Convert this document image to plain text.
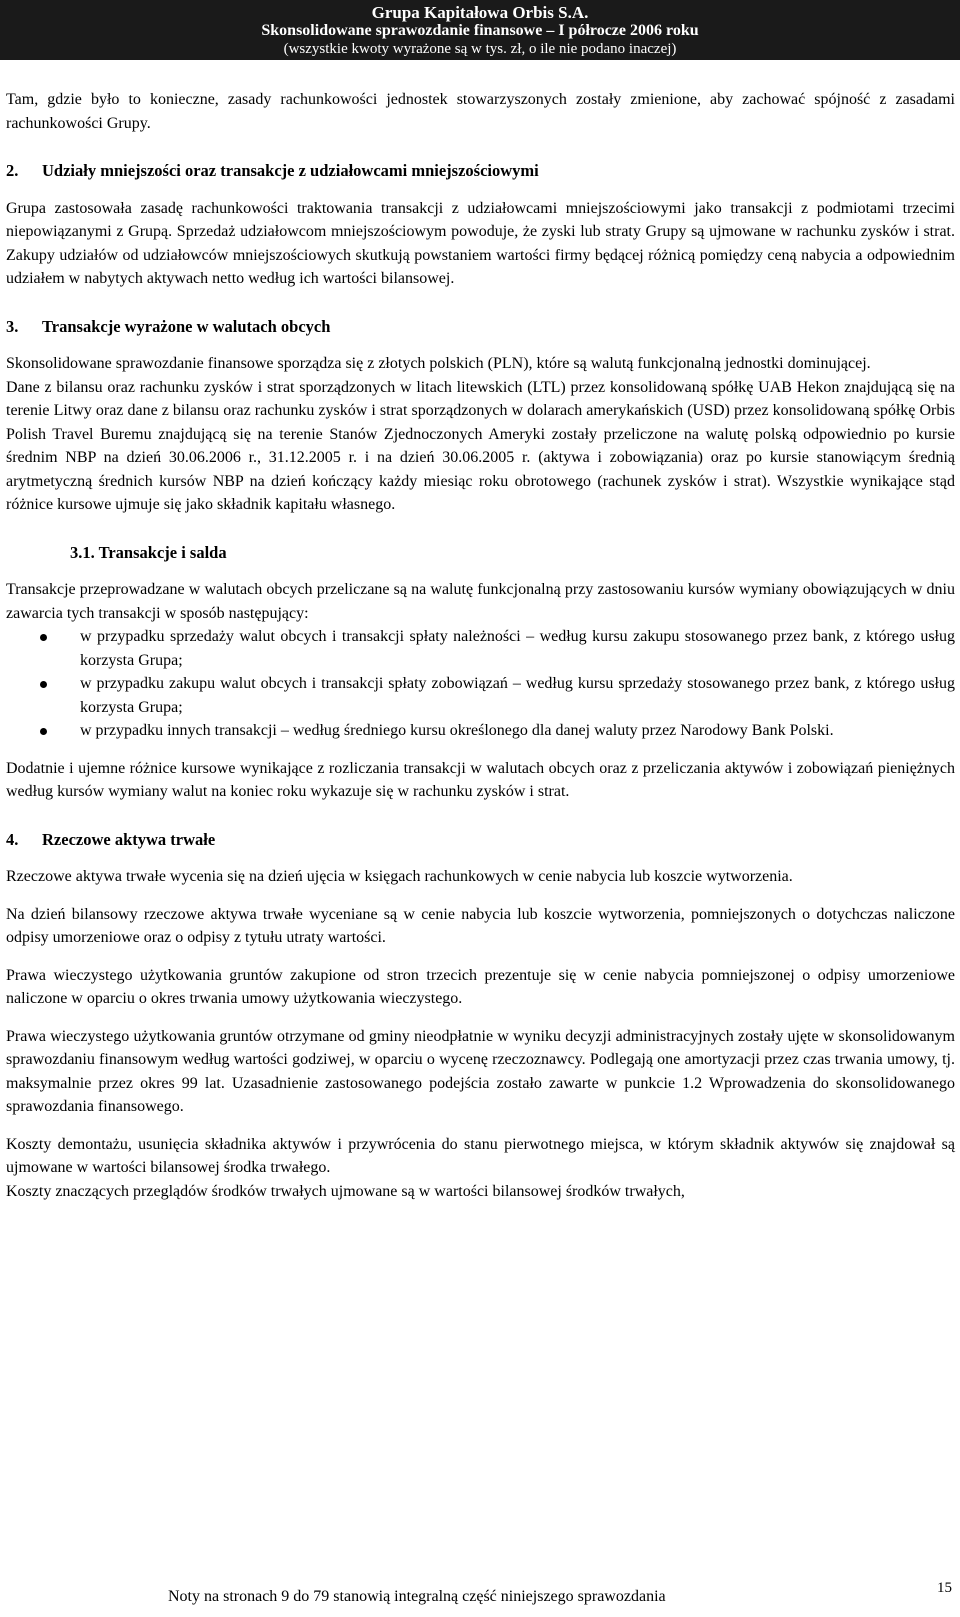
Grupa Kapitałowa Orbis S.A.
Skonsolidowane sprawozdanie finansowe – I półrocze 2006 roku
(wszystkie kwoty wyrażone są w tys. zł, o ile nie podano inaczej)

Tam, gdzie było to konieczne, zasady rachunkowości jednostek stowarzyszonych zostały zmienione, aby zachować spójność z zasadami rachunkowości Grupy.

2. Udziały mniejszości oraz transakcje z udziałowcami mniejszościowymi

Grupa zastosowała zasadę rachunkowości traktowania transakcji z udziałowcami mniejszościowymi jako transakcji z podmiotami trzecimi niepowiązanymi z Grupą. Sprzedaż udziałowcom mniejszościowym powoduje, że zyski lub straty Grupy są ujmowane w rachunku zysków i strat. Zakupy udziałów od udziałowców mniejszościowych skutkują powstaniem wartości firmy będącej różnicą pomiędzy ceną nabycia a odpowiednim udziałem w nabytych aktywach netto według ich wartości bilansowej.

3. Transakcje wyrażone w walutach obcych

Skonsolidowane sprawozdanie finansowe sporządza się z złotych polskich (PLN), które są walutą funkcjonalną jednostki dominującej.

Dane z bilansu oraz rachunku zysków i strat sporządzonych w litach litewskich (LTL) przez konsolidowaną spółkę UAB Hekon znajdującą się na terenie Litwy oraz dane z bilansu oraz rachunku zysków i strat sporządzonych w dolarach amerykańskich (USD) przez konsolidowaną spółkę Orbis Polish Travel Buremu znajdującą się na terenie Stanów Zjednoczonych Ameryki zostały przeliczone na walutę polską odpowiednio po kursie średnim NBP na dzień 30.06.2006 r., 31.12.2005 r. i na dzień 30.06.2005 r. (aktywa i zobowiązania) oraz po kursie stanowiącym średnią arytmetyczną średnich kursów NBP na dzień kończący każdy miesiąc roku obrotowego (rachunek zysków i strat). Wszystkie wynikające stąd różnice kursowe ujmuje się jako składnik kapitału własnego.

3.1. Transakcje i salda

Transakcje przeprowadzane w walutach obcych przeliczane są na walutę funkcjonalną przy zastosowaniu kursów wymiany obowiązujących w dniu zawarcia tych transakcji w sposób następujący:

w przypadku sprzedaży walut obcych i transakcji spłaty należności – według kursu zakupu stosowanego przez bank, z którego usług korzysta Grupa;
w przypadku zakupu walut obcych i transakcji spłaty zobowiązań – według kursu sprzedaży stosowanego przez bank, z którego usług korzysta Grupa;
w przypadku innych transakcji – według średniego kursu określonego dla danej waluty przez Narodowy Bank Polski.

Dodatnie i ujemne różnice kursowe wynikające z rozliczania transakcji w walutach obcych oraz z przeliczania aktywów i zobowiązań pieniężnych według kursów wymiany walut na koniec roku wykazuje się w rachunku zysków i strat.

4. Rzeczowe aktywa trwałe

Rzeczowe aktywa trwałe wycenia się na dzień ujęcia w księgach rachunkowych w cenie nabycia lub koszcie wytworzenia.

Na dzień bilansowy rzeczowe aktywa trwałe wyceniane są w cenie nabycia lub koszcie wytworzenia, pomniejszonych o dotychczas naliczone odpisy umorzeniowe oraz o odpisy z tytułu utraty wartości.

Prawa wieczystego użytkowania gruntów zakupione od stron trzecich prezentuje się w cenie nabycia pomniejszonej o odpisy umorzeniowe naliczone w oparciu o okres trwania umowy użytkowania wieczystego.

Prawa wieczystego użytkowania gruntów otrzymane od gminy nieodpłatnie w wyniku decyzji administracyjnych zostały ujęte w skonsolidowanym sprawozdaniu finansowym według wartości godziwej, w oparciu o wycenę rzeczoznawcy. Podlegają one amortyzacji przez czas trwania umowy, tj. maksymalnie przez okres 99 lat. Uzasadnienie zastosowanego podejścia zostało zawarte w punkcie 1.2 Wprowadzenia do skonsolidowanego sprawozdania finansowego.

Koszty demontażu, usunięcia składnika aktywów i przywrócenia do stanu pierwotnego miejsca, w którym składnik aktywów się znajdował są ujmowane w wartości bilansowej środka trwałego.

Koszty znaczących przeglądów środków trwałych ujmowane są w wartości bilansowej środków trwałych,

Noty na stronach 9 do 79 stanowią integralną część niniejszego sprawozdania	15
